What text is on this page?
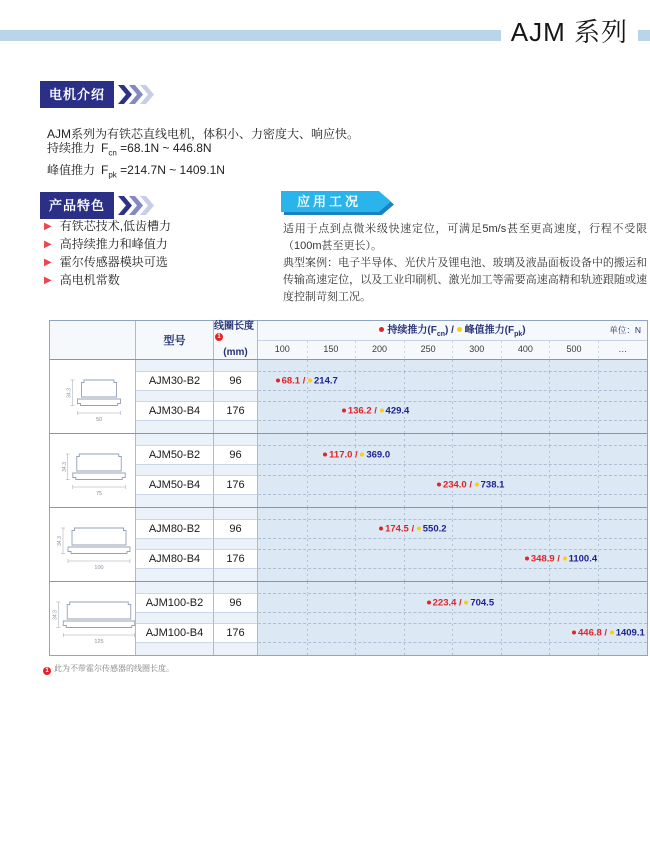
AJM 系列
电机介绍

AJM系列为有铁芯直线电机，体积小、力密度大、响应快。

持续推力 $F_{cn} =68.1N$ ~ 446.8N

峰值推力 $F_{pk} =214.7N$ ~ 1409.1N

产品特色
▶ 有铁芯技术,低齿槽力
▶ 高持续推力和峰值力
▶ 霍尔传感器模块可选
▶ 高电机常数
应用工况

适用于点到点微米级快速定位，可满足5m/s甚至更高速度，行程不受限（100m甚至更长）。

典型案例：电子半导体、光伏片及锂电池、玻璃及液晶面板设备中的搬运和传输高速定位，以及工业印刷机、激光加工等需要高速高精和轨迹跟随或速度控制苛刻工况。

型号
线圈长度1
(mm)
持续推力$(F_{cn})$ / 峰值推力$(F_{pk})$	单位：N
100	150	200	250	300	400	500	…
34.3
50
AJM30-B2	96	68.1 / 214.7
AJM30-B4	176	136.2 / 429.4
34.3
75
AJM50-B2	96	117.0 / 369.0
AJM50-B4	176	234.0 / 738.1
34.3
100
AJM80-B2	96	174.5 / 550.2
AJM80-B4	176	348.9 / 1100.4
34.3
125
AJM100-B2	96	223.4 / 704.5
AJM100-B4	176	446.8 / 1409.1

1 此为不带霍尔传感器的线圈长度。
